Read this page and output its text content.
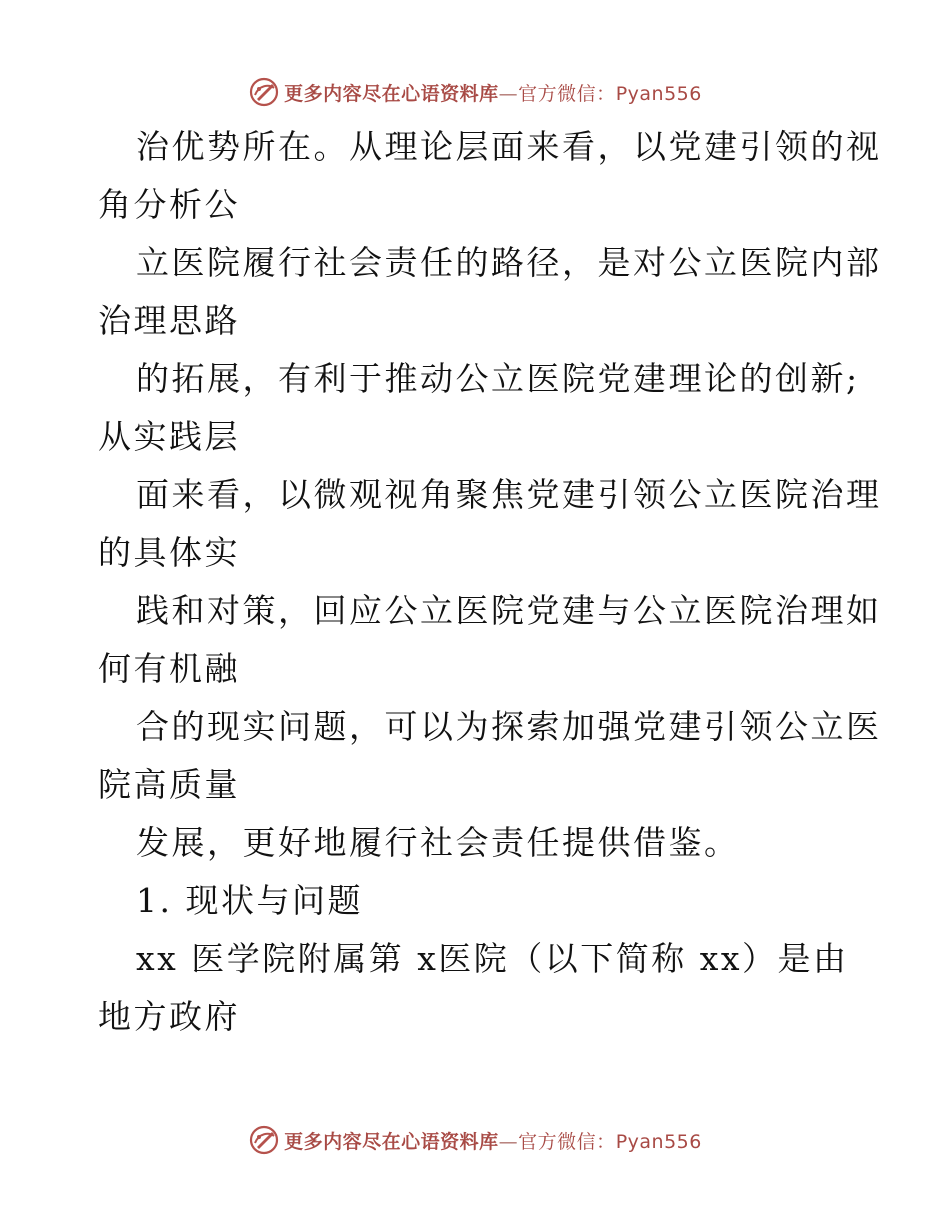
更多内容尽在心语资料库—官方微信：Pyan556

治优势所在。从理论层面来看，以党建引领的视
角分析公

立医院履行社会责任的路径，是对公立医院内部
治理思路

的拓展，有利于推动公立医院党建理论的创新;
从实践层

面来看，以微观视角聚焦党建引领公立医院治理
的具体实

践和对策，回应公立医院党建与公立医院治理如
何有机融

合的现实问题，可以为探索加强党建引领公立医
院高质量

发展，更好地履行社会责任提供借鉴。

1. 现状与问题

xx 医学院附属第 x医院（以下简称 xx）是由
地方政府

更多内容尽在心语资料库—官方微信：Pyan556
